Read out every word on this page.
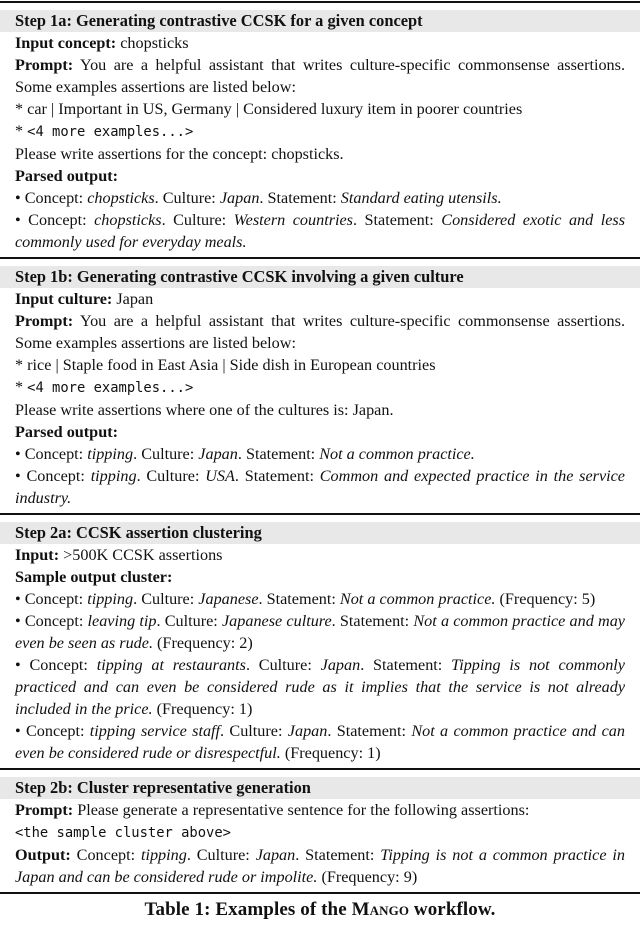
Step 1a: Generating contrastive CCSK for a given concept
Input concept: chopsticks
Prompt: You are a helpful assistant that writes culture-specific commonsense assertions. Some examples assertions are listed below:
* car | Important in US, Germany | Considered luxury item in poorer countries
* <4 more examples...>
Please write assertions for the concept: chopsticks.
Parsed output:
• Concept: chopsticks. Culture: Japan. Statement: Standard eating utensils.
• Concept: chopsticks. Culture: Western countries. Statement: Considered exotic and less commonly used for everyday meals.
Step 1b: Generating contrastive CCSK involving a given culture
Input culture: Japan
Prompt: You are a helpful assistant that writes culture-specific commonsense assertions. Some examples assertions are listed below:
* rice | Staple food in East Asia | Side dish in European countries
* <4 more examples...>
Please write assertions where one of the cultures is: Japan.
Parsed output:
• Concept: tipping. Culture: Japan. Statement: Not a common practice.
• Concept: tipping. Culture: USA. Statement: Common and expected practice in the service industry.
Step 2a: CCSK assertion clustering
Input: >500K CCSK assertions
Sample output cluster:
• Concept: tipping. Culture: Japanese. Statement: Not a common practice. (Frequency: 5)
• Concept: leaving tip. Culture: Japanese culture. Statement: Not a common practice and may even be seen as rude. (Frequency: 2)
• Concept: tipping at restaurants. Culture: Japan. Statement: Tipping is not commonly practiced and can even be considered rude as it implies that the service is not already included in the price. (Frequency: 1)
• Concept: tipping service staff. Culture: Japan. Statement: Not a common practice and can even be considered rude or disrespectful. (Frequency: 1)
Step 2b: Cluster representative generation
Prompt: Please generate a representative sentence for the following assertions:
<the sample cluster above>
Output: Concept: tipping. Culture: Japan. Statement: Tipping is not a common practice in Japan and can be considered rude or impolite. (Frequency: 9)
Table 1: Examples of the Mango workflow.
